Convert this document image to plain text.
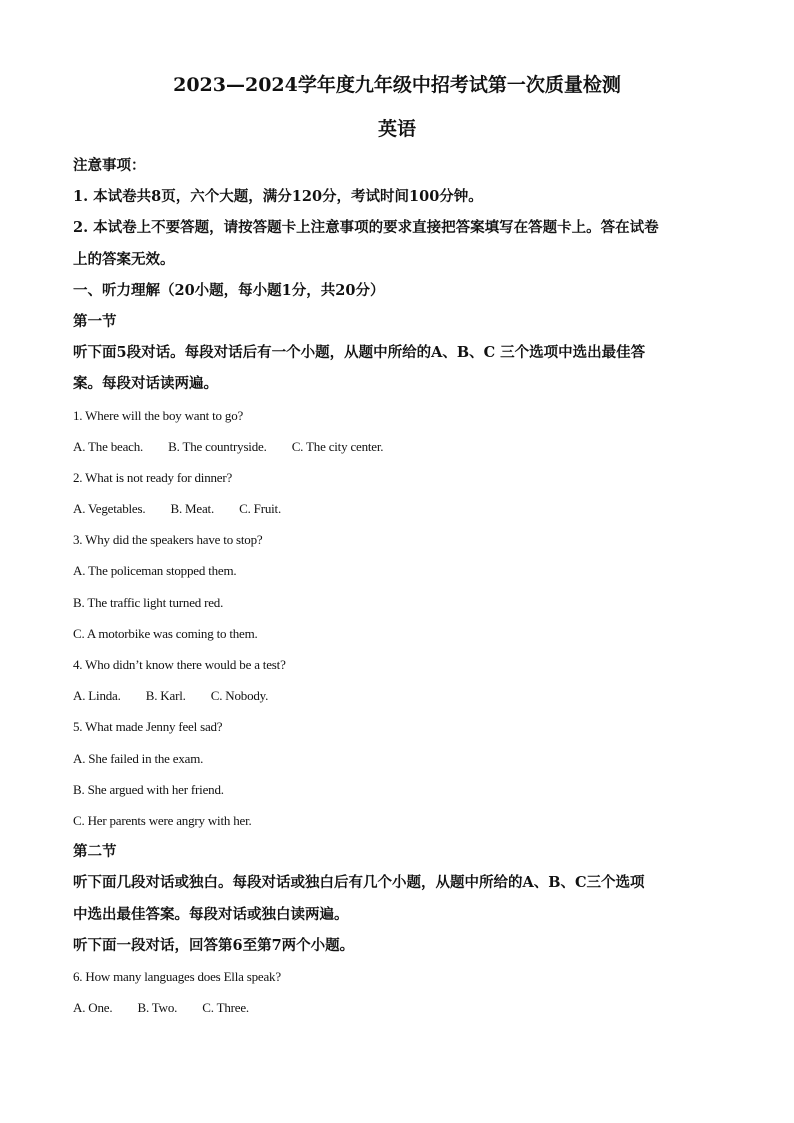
2023—2024学年度九年级中招考试第一次质量检测
英语
注意事项：
1. 本试卷共8页，六个大题，满分120分，考试时间100分钟。
2. 本试卷上不要答题，请按答题卡上注意事项的要求直接把答案填写在答题卡上。答在试卷
上的答案无效。
一、听力理解（20小题，每小题1分，共20分）
第一节
听下面5段对话。每段对话后有一个小题，从题中所给的A、B、C 三个选项中选出最佳答
案。每段对话读两遍。
1. Where will the boy want to go?
A. The beach. B. The countryside. C. The city center.
2. What is not ready for dinner?
A. Vegetables. B. Meat. C. Fruit.
3. Why did the speakers have to stop?
A. The policeman stopped them.
B. The traffic light turned red.
C. A motorbike was coming to them.
4. Who didn’t know there would be a test?
A. Linda. B. Karl. C. Nobody.
5. What made Jenny feel sad?
A. She failed in the exam.
B. She argued with her friend.
C. Her parents were angry with her.
第二节
听下面几段对话或独白。每段对话或独白后有几个小题，从题中所给的A、B、C三个选项
中选出最佳答案。每段对话或独白读两遍。
听下面一段对话，回答第6至第7两个小题。
6. How many languages does Ella speak?
A. One. B. Two. C. Three.
